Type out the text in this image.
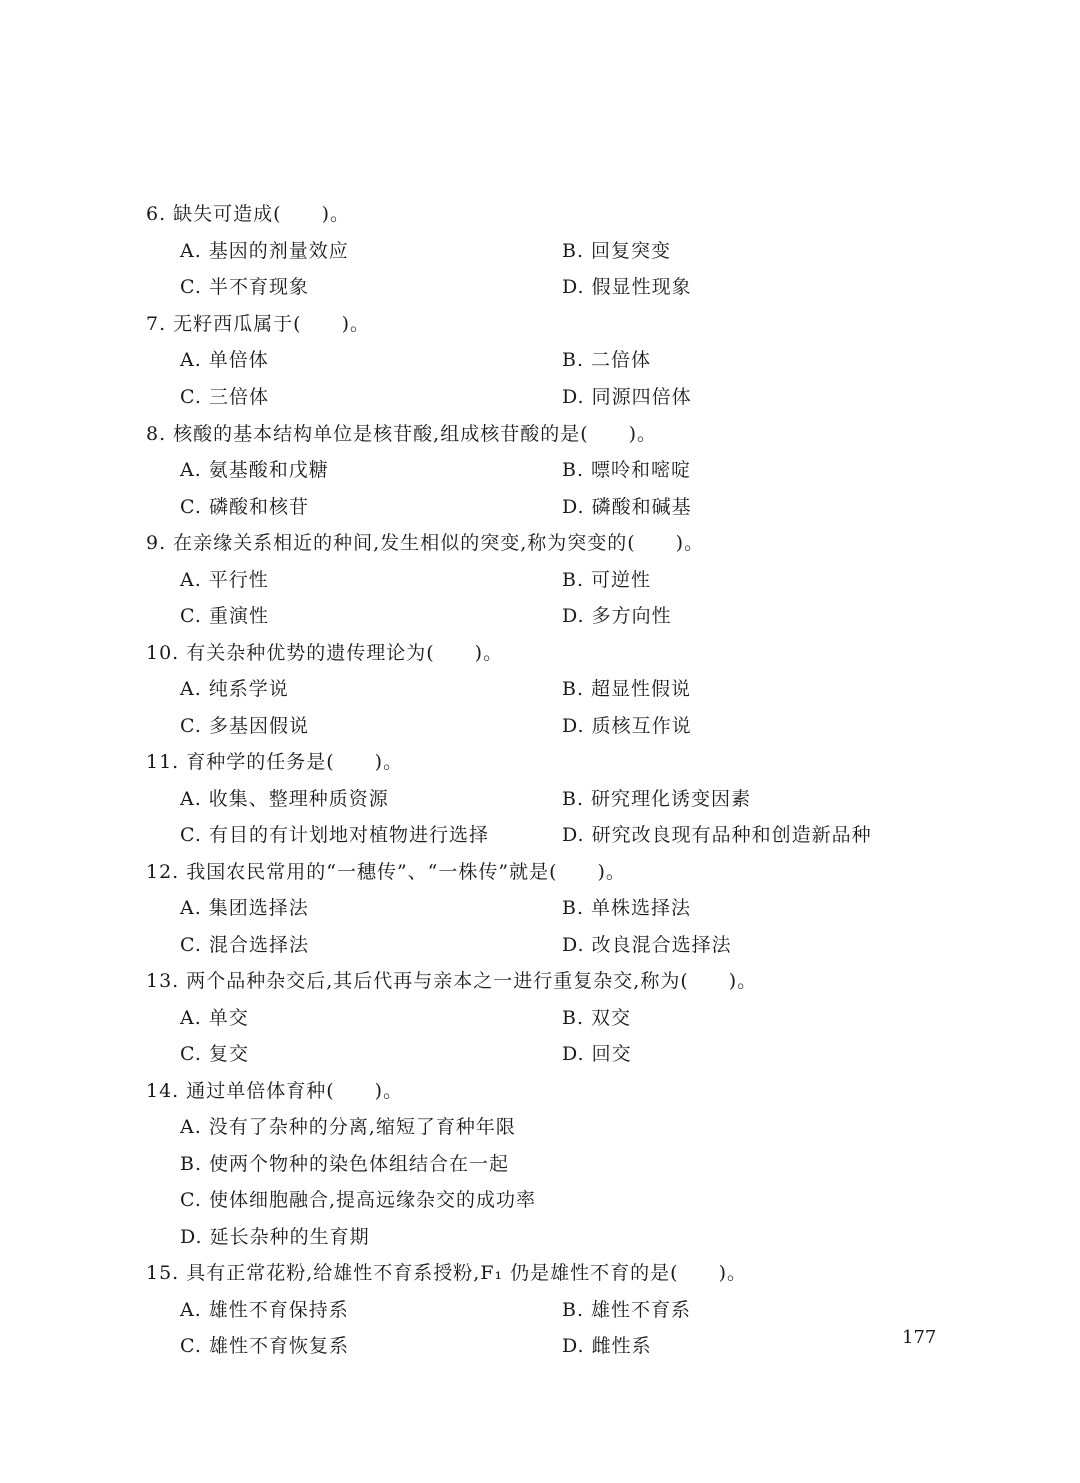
6. 缺失可造成(　　)。
A. 基因的剂量效应	B. 回复突变
C. 半不育现象	D. 假显性现象
7. 无籽西瓜属于(　　)。
A. 单倍体	B. 二倍体
C. 三倍体	D. 同源四倍体
8. 核酸的基本结构单位是核苷酸,组成核苷酸的是(　　)。
A. 氨基酸和戊糖	B. 嘌呤和嘧啶
C. 磷酸和核苷	D. 磷酸和碱基
9. 在亲缘关系相近的种间,发生相似的突变,称为突变的(　　)。
A. 平行性	B. 可逆性
C. 重演性	D. 多方向性
10. 有关杂种优势的遗传理论为(　　)。
A. 纯系学说	B. 超显性假说
C. 多基因假说	D. 质核互作说
11. 育种学的任务是(　　)。
A. 收集、整理种质资源	B. 研究理化诱变因素
C. 有目的有计划地对植物进行选择	D. 研究改良现有品种和创造新品种
12. 我国农民常用的“一穗传”、“一株传”就是(　　)。
A. 集团选择法	B. 单株选择法
C. 混合选择法	D. 改良混合选择法
13. 两个品种杂交后,其后代再与亲本之一进行重复杂交,称为(　　)。
A. 单交	B. 双交
C. 复交	D. 回交
14. 通过单倍体育种(　　)。
A. 没有了杂种的分离,缩短了育种年限
B. 使两个物种的染色体组结合在一起
C. 使体细胞融合,提高远缘杂交的成功率
D. 延长杂种的生育期
15. 具有正常花粉,给雄性不育系授粉,F₁ 仍是雄性不育的是(　　)。
A. 雄性不育保持系	B. 雄性不育系
C. 雄性不育恢复系	D. 雌性系	177
